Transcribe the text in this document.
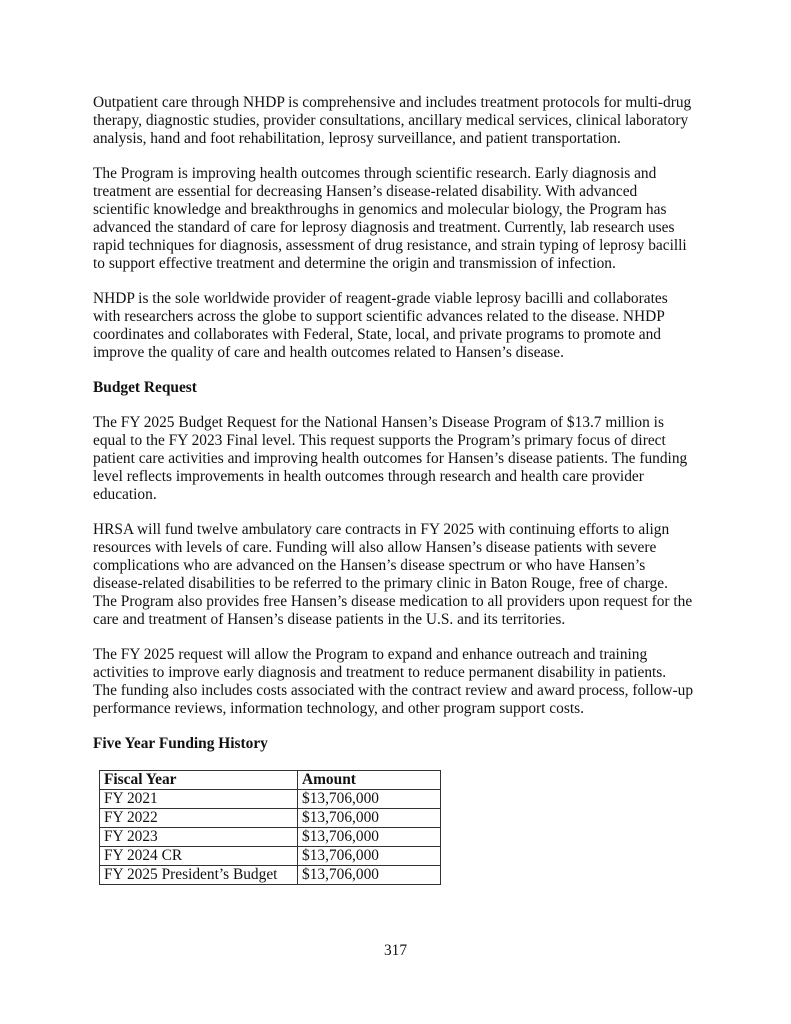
Outpatient care through NHDP is comprehensive and includes treatment protocols for multi-drug
therapy, diagnostic studies, provider consultations, ancillary medical services, clinical laboratory
analysis, hand and foot rehabilitation, leprosy surveillance, and patient transportation.

The Program is improving health outcomes through scientific research. Early diagnosis and
treatment are essential for decreasing Hansen’s disease-related disability. With advanced
scientific knowledge and breakthroughs in genomics and molecular biology, the Program has
advanced the standard of care for leprosy diagnosis and treatment. Currently, lab research uses
rapid techniques for diagnosis, assessment of drug resistance, and strain typing of leprosy bacilli
to support effective treatment and determine the origin and transmission of infection.

NHDP is the sole worldwide provider of reagent-grade viable leprosy bacilli and collaborates
with researchers across the globe to support scientific advances related to the disease. NHDP
coordinates and collaborates with Federal, State, local, and private programs to promote and
improve the quality of care and health outcomes related to Hansen’s disease.

Budget Request

The FY 2025 Budget Request for the National Hansen’s Disease Program of $13.7 million is
equal to the FY 2023 Final level. This request supports the Program’s primary focus of direct
patient care activities and improving health outcomes for Hansen’s disease patients. The funding
level reflects improvements in health outcomes through research and health care provider
education.

HRSA will fund twelve ambulatory care contracts in FY 2025 with continuing efforts to align
resources with levels of care. Funding will also allow Hansen’s disease patients with severe
complications who are advanced on the Hansen’s disease spectrum or who have Hansen’s
disease-related disabilities to be referred to the primary clinic in Baton Rouge, free of charge.
The Program also provides free Hansen’s disease medication to all providers upon request for the
care and treatment of Hansen’s disease patients in the U.S. and its territories.

The FY 2025 request will allow the Program to expand and enhance outreach and training
activities to improve early diagnosis and treatment to reduce permanent disability in patients.
The funding also includes costs associated with the contract review and award process, follow-up
performance reviews, information technology, and other program support costs.

Five Year Funding History
Fiscal Year	Amount
FY 2021	$13,706,000
FY 2022	$13,706,000
FY 2023	$13,706,000
FY 2024 CR	$13,706,000
FY 2025 President’s Budget	$13,706,000
317
